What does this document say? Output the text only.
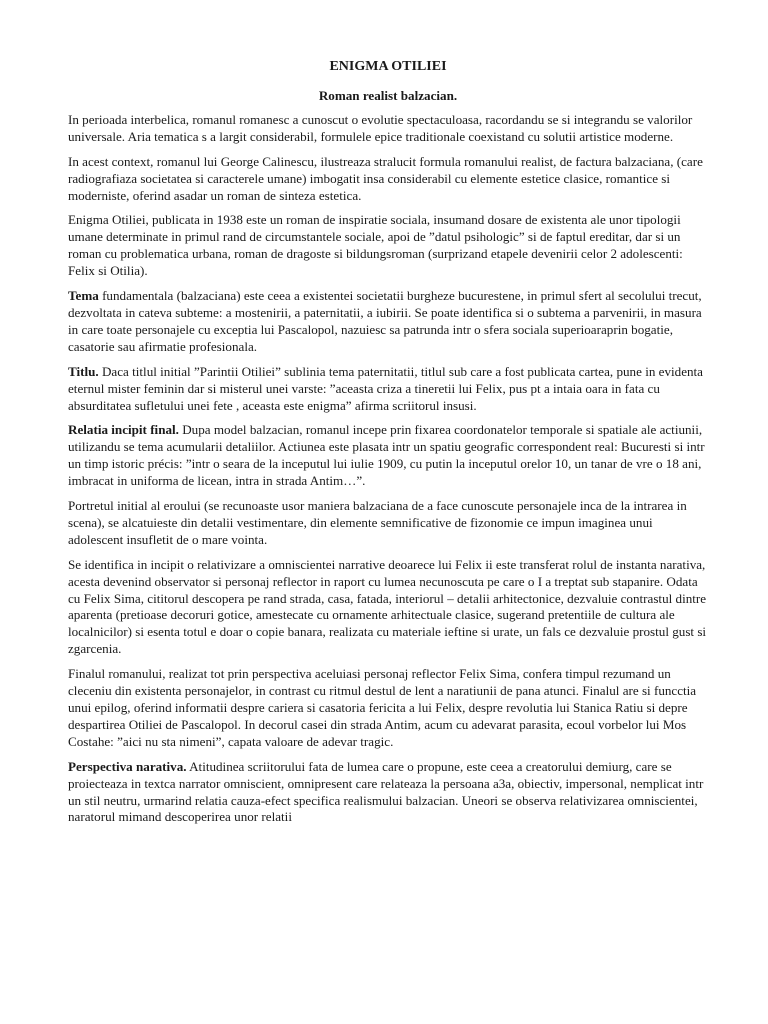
ENIGMA OTILIEI
Roman realist balzacian.

In perioada interbelica, romanul romanesc a cunoscut o evolutie spectaculoasa, racordandu se si integrandu se valorilor universale. Aria tematica s a largit considerabil, formulele epice traditionale coexistand cu solutii artistice moderne.

In acest context, romanul lui George Calinescu, ilustreaza stralucit formula romanului realist, de factura balzaciana, (care radiografiaza societatea si caracterele umane) imbogatit insa considerabil cu elemente estetice clasice, romantice si moderniste, oferind asadar un roman de sinteza estetica.

Enigma Otiliei, publicata in 1938 este un roman de inspiratie sociala, insumand dosare de existenta ale unor tipologii umane determinate in primul rand de circumstantele sociale, apoi de ”datul psihologic” si de faptul ereditar, dar si un roman cu problematica urbana, roman de dragoste si bildungsroman (surprizand etapele devenirii celor 2 adolescenti: Felix si Otilia).

Tema fundamentala (balzaciana) este ceea a existentei societatii burgheze bucurestene, in primul sfert al secolului trecut, dezvoltata in cateva subteme: a mostenirii, a paternitatii, a iubirii. Se poate identifica si o subtema a parvenirii, in masura in care toate personajele cu exceptia lui Pascalopol, nazuiesc sa patrunda intr o sfera sociala superioaraprin bogatie, casatorie sau afirmatie profesionala.

Titlu. Daca titlul initial ”Parintii Otiliei” sublinia tema paternitatii, titlul sub care a fost publicata cartea, pune in evidenta eternul mister feminin dar si misterul unei varste: ”aceasta criza a tineretii lui Felix, pus pt a intaia oara in fata cu absurditatea sufletului unei fete , aceasta este enigma” afirma scriitorul insusi.

Relatia incipit final. Dupa model balzacian, romanul incepe prin fixarea coordonatelor temporale si spatiale ale actiunii, utilizandu se tema acumularii detaliilor. Actiunea este plasata intr un spatiu geografic correspondent real: Bucuresti si intr un timp istoric précis: ”intr o seara de la inceputul lui iulie 1909, cu putin la inceputul orelor 10, un tanar de vre o 18 ani, imbracat in uniforma de licean, intra in strada Antim…”.

Portretul initial al eroului (se recunoaste usor maniera balzaciana de a face cunoscute personajele inca de la intrarea in scena), se alcatuieste din detalii vestimentare, din elemente semnificative de fizonomie ce impun imaginea unui adolescent insufletit de o mare vointa.

Se identifica in incipit o relativizare a omniscientei narrative deoarece lui Felix ii este transferat rolul de instanta narativa, acesta devenind observator si personaj reflector in raport cu lumea necunoscuta pe care o I a treptat sub stapanire. Odata cu Felix Sima, cititorul descopera pe rand strada, casa, fatada, interiorul – detalii arhitectonice, dezvaluie contrastul dintre aparenta (pretioase decoruri gotice, amestecate cu ornamente arhitectuale clasice, sugerand pretentiile de cultura ale localnicilor) si esenta totul e doar o copie banara, realizata cu materiale ieftine si urate, un fals ce dezvaluie prostul gust si zgarcenia.

Finalul romanului, realizat tot prin perspectiva aceluiasi personaj reflector Felix Sima, confera timpul rezumand un cleceniu din existenta personajelor, in contrast cu ritmul destul de lent a naratiunii de pana atunci. Finalul are si funcctia unui epilog, oferind informatii despre cariera si casatoria fericita a lui Felix, despre revolutia lui Stanica Ratiu si depre despartirea Otiliei de Pascalopol. In decorul casei din strada Antim, acum cu adevarat parasita, ecoul vorbelor lui Mos Costahe: ”aici nu sta nimeni”, capata valoare de adevar tragic.

Perspectiva narativa. Atitudinea scriitorului fata de lumea care o propune, este ceea a creatorului demiurg, care se proiecteaza in textca narrator omniscient, omnipresent care relateaza la persoana a3a, obiectiv, impersonal, nemplicat intr un stil neutru, urmarind relatia cauza-efect specifica realismului balzacian. Uneori se observa relativizarea omniscientei, naratorul mimand descoperirea unor relatii
